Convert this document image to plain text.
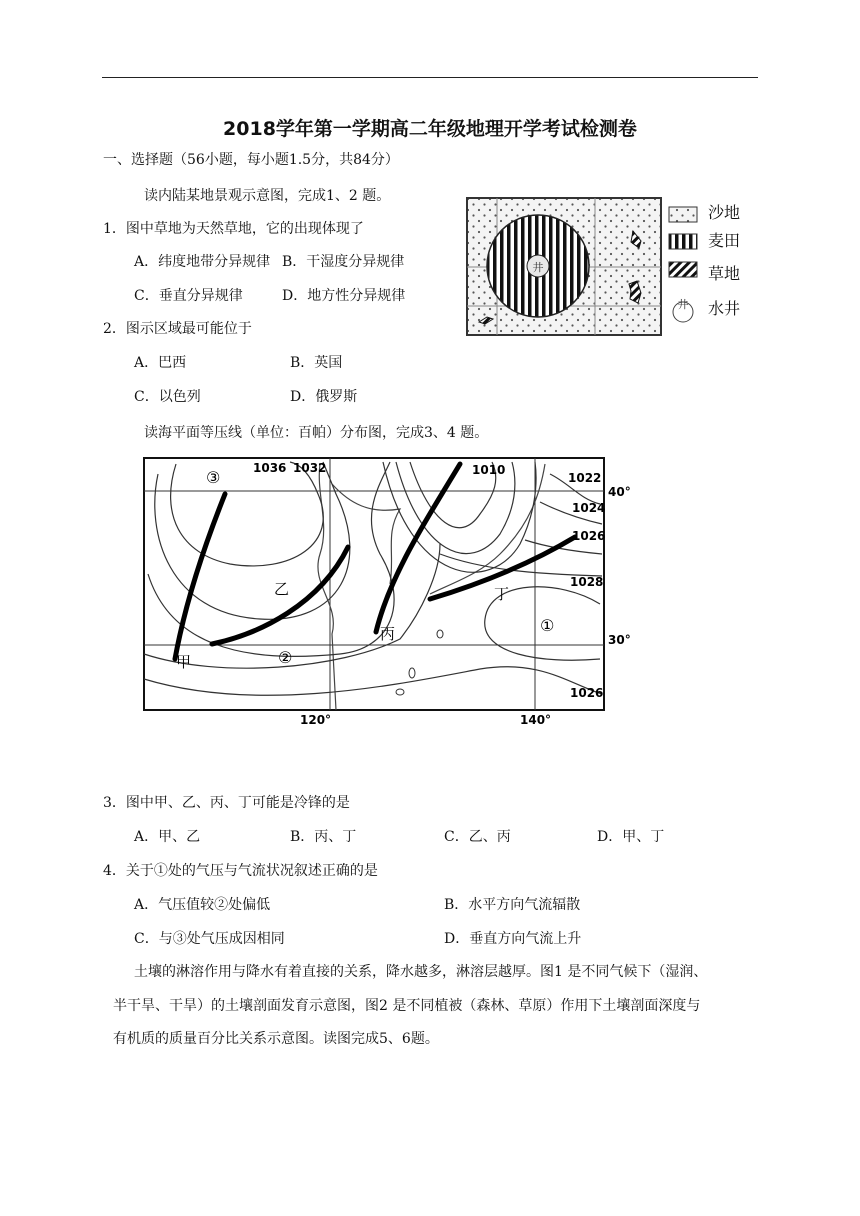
2018学年第一学期高二年级地理开学考试检测卷
一、选择题（56小题，每小题1.5分，共84分）
读内陆某地景观示意图，完成1、2 题。
1．图中草地为天然草地，它的出现体现了
A．纬度地带分异规律 B．干湿度分异规律
C．垂直分异规律	D．地方性分异规律
2．图示区域最可能位于
A．巴西	B．英国
C．以色列	D．俄罗斯
井
井
沙地
麦田
草地
水井
读海平面等压线（单位：百帕）分布图，完成3、4 题。
1036 1032	1010
1022
1024
1026
1028
1026
40°
30°
120°	140°
③
②
①
甲
乙
丙
丁
3．图中甲、乙、丙、丁可能是冷锋的是
A．甲、乙	B．丙、丁	C．乙、丙	D．甲、丁
4．关于①处的气压与气流状况叙述正确的是
A．气压值较②处偏低	B．水平方向气流辐散
C．与③处气压成因相同	D．垂直方向气流上升
土壤的淋溶作用与降水有着直接的关系，降水越多，淋溶层越厚。图1 是不同气候下（湿润、
半干旱、干旱）的土壤剖面发育示意图，图2 是不同植被（森林、草原）作用下土壤剖面深度与
有机质的质量百分比关系示意图。读图完成5、6题。
